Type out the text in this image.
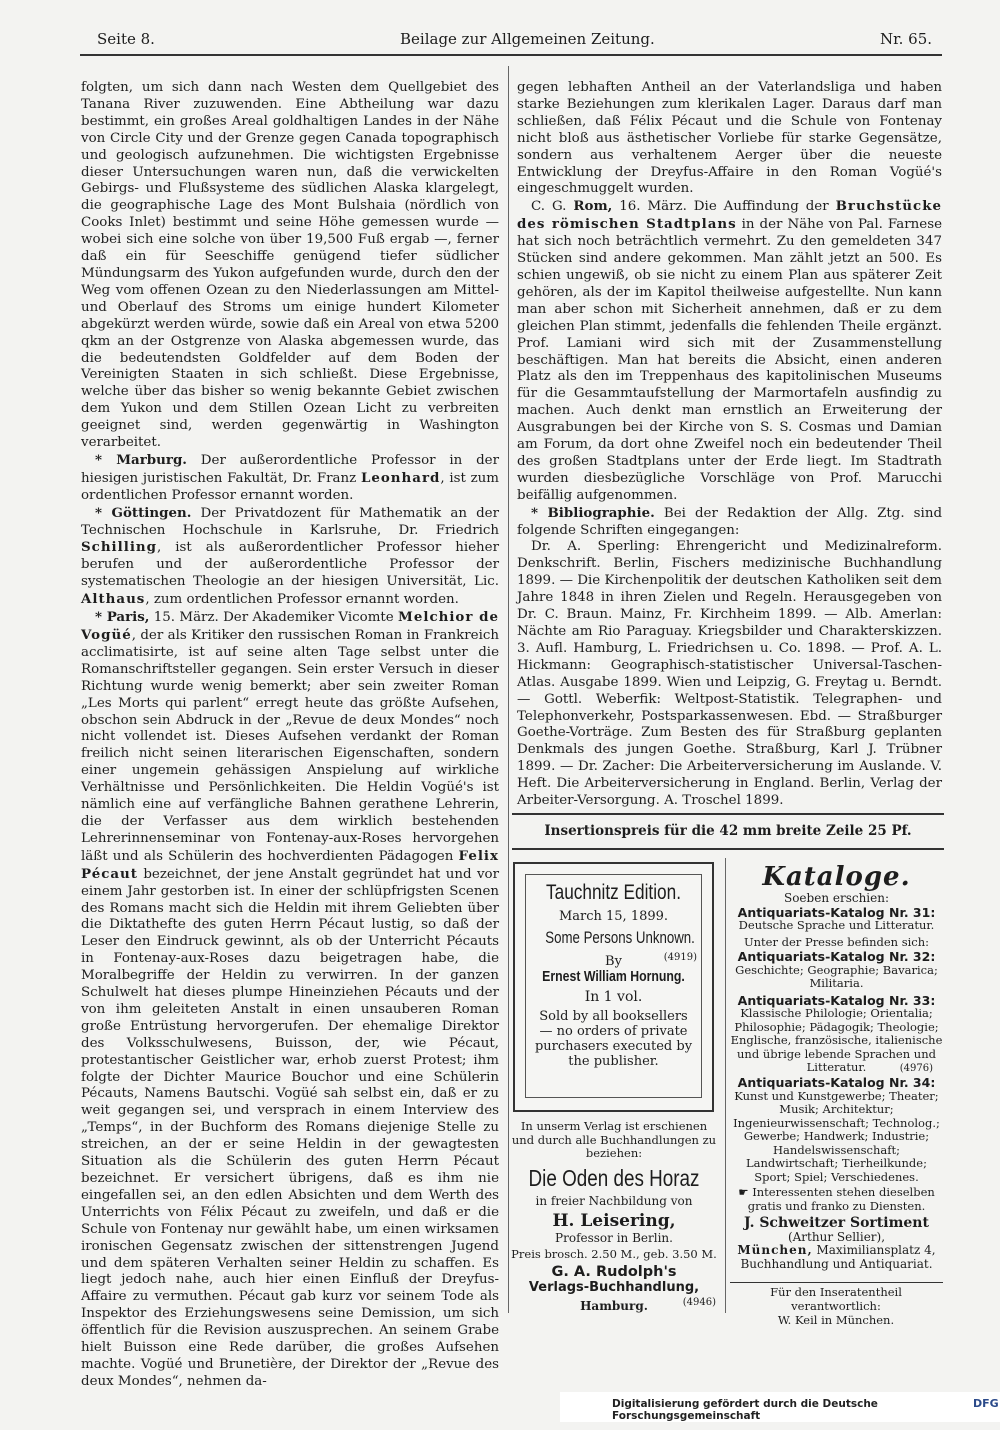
Seite 8.	Beilage zur Allgemeinen Zeitung.	Nr. 65.

folgten, um sich dann nach Westen dem Quellgebiet des Tanana River zuzuwenden. Eine Abtheilung war dazu bestimmt, ein großes Areal goldhaltigen Landes in der Nähe von Circle City und der Grenze gegen Canada topographisch und geologisch aufzunehmen. Die wichtigsten Ergebnisse dieser Untersuchungen waren nun, daß die verwickelten Gebirgs- und Flußsysteme des südlichen Alaska klargelegt, die geographische Lage des Mont Bulshaia (nördlich von Cooks Inlet) bestimmt und seine Höhe gemessen wurde — wobei sich eine solche von über 19,500 Fuß ergab —, ferner daß ein für Seeschiffe genügend tiefer südlicher Mündungsarm des Yukon aufgefunden wurde, durch den der Weg vom offenen Ozean zu den Niederlassungen am Mittel- und Oberlauf des Stroms um einige hundert Kilometer abgekürzt werden würde, sowie daß ein Areal von etwa 5200 qkm an der Ostgrenze von Alaska abgemessen wurde, das die bedeutendsten Goldfelder auf dem Boden der Vereinigten Staaten in sich schließt. Diese Ergebnisse, welche über das bisher so wenig bekannte Gebiet zwischen dem Yukon und dem Stillen Ozean Licht zu verbreiten geeignet sind, werden gegenwärtig in Washington verarbeitet.

* Marburg. Der außerordentliche Professor in der hiesigen juristischen Fakultät, Dr. Franz Leonhard, ist zum ordentlichen Professor ernannt worden.

* Göttingen. Der Privatdozent für Mathematik an der Technischen Hochschule in Karlsruhe, Dr. Friedrich Schilling, ist als außerordentlicher Professor hieher berufen und der außerordentliche Professor der systematischen Theologie an der hiesigen Universität, Lic. Althaus, zum ordentlichen Professor ernannt worden.

* Paris, 15. März. Der Akademiker Vicomte Melchior de Vogüé, der als Kritiker den russischen Roman in Frankreich acclimatisirte, ist auf seine alten Tage selbst unter die Romanschriftsteller gegangen. Sein erster Versuch in dieser Richtung wurde wenig bemerkt; aber sein zweiter Roman „Les Morts qui parlent“ erregt heute das größte Aufsehen, obschon sein Abdruck in der „Revue de deux Mondes“ noch nicht vollendet ist. Dieses Aufsehen verdankt der Roman freilich nicht seinen literarischen Eigenschaften, sondern einer ungemein gehässigen Anspielung auf wirkliche Verhältnisse und Persönlichkeiten. Die Heldin Vogüé's ist nämlich eine auf verfängliche Bahnen gerathene Lehrerin, die der Verfasser aus dem wirklich bestehenden Lehrerinnenseminar von Fontenay-aux-Roses hervorgehen läßt und als Schülerin des hochverdienten Pädagogen Felix Pécaut bezeichnet, der jene Anstalt gegründet hat und vor einem Jahr gestorben ist. In einer der schlüpfrigsten Scenen des Romans macht sich die Heldin mit ihrem Geliebten über die Diktathefte des guten Herrn Pécaut lustig, so daß der Leser den Eindruck gewinnt, als ob der Unterricht Pécauts in Fontenay-aux-Roses dazu beigetragen habe, die Moralbegriffe der Heldin zu verwirren. In der ganzen Schulwelt hat dieses plumpe Hineinziehen Pécauts und der von ihm geleiteten Anstalt in einen unsauberen Roman große Entrüstung hervorgerufen. Der ehemalige Direktor des Volksschulwesens, Buisson, der, wie Pécaut, protestantischer Geistlicher war, erhob zuerst Protest; ihm folgte der Dichter Maurice Bouchor und eine Schülerin Pécauts, Namens Bautschi. Vogüé sah selbst ein, daß er zu weit gegangen sei, und versprach in einem Interview des „Temps“, in der Buchform des Romans diejenige Stelle zu streichen, an der er seine Heldin in der gewagtesten Situation als die Schülerin des guten Herrn Pécaut bezeichnet. Er versichert übrigens, daß es ihm nie eingefallen sei, an den edlen Absichten und dem Werth des Unterrichts von Félix Pécaut zu zweifeln, und daß er die Schule von Fontenay nur gewählt habe, um einen wirksamen ironischen Gegensatz zwischen der sittenstrengen Jugend und dem späteren Verhalten seiner Heldin zu schaffen. Es liegt jedoch nahe, auch hier einen Einfluß der Dreyfus-Affaire zu vermuthen. Pécaut gab kurz vor seinem Tode als Inspektor des Erziehungswesens seine Demission, um sich öffentlich für die Revision auszusprechen. An seinem Grabe hielt Buisson eine Rede darüber, die großes Aufsehen machte. Vogüé und Brunetière, der Direktor der „Revue des deux Mondes“, nehmen da-

gegen lebhaften Antheil an der Vaterlandsliga und haben starke Beziehungen zum klerikalen Lager. Daraus darf man schließen, daß Félix Pécaut und die Schule von Fontenay nicht bloß aus ästhetischer Vorliebe für starke Gegensätze, sondern aus verhaltenem Aerger über die neueste Entwicklung der Dreyfus-Affaire in den Roman Vogüé's eingeschmuggelt wurden.

C. G. Rom, 16. März. Die Auffindung der Bruchstücke des römischen Stadtplans in der Nähe von Pal. Farnese hat sich noch beträchtlich vermehrt. Zu den gemeldeten 347 Stücken sind andere gekommen. Man zählt jetzt an 500. Es schien ungewiß, ob sie nicht zu einem Plan aus späterer Zeit gehören, als der im Kapitol theilweise aufgestellte. Nun kann man aber schon mit Sicherheit annehmen, daß er zu dem gleichen Plan stimmt, jedenfalls die fehlenden Theile ergänzt. Prof. Lamiani wird sich mit der Zusammenstellung beschäftigen. Man hat bereits die Absicht, einen anderen Platz als den im Treppenhaus des kapitolinischen Museums für die Gesammtaufstellung der Marmortafeln ausfindig zu machen. Auch denkt man ernstlich an Erweiterung der Ausgrabungen bei der Kirche von S. S. Cosmas und Damian am Forum, da dort ohne Zweifel noch ein bedeutender Theil des großen Stadtplans unter der Erde liegt. Im Stadtrath wurden diesbezügliche Vorschläge von Prof. Marucchi beifällig aufgenommen.

* Bibliographie. Bei der Redaktion der Allg. Ztg. sind folgende Schriften eingegangen:

Dr. A. Sperling: Ehrengericht und Medizinalreform. Denkschrift. Berlin, Fischers medizinische Buchhandlung 1899. — Die Kirchenpolitik der deutschen Katholiken seit dem Jahre 1848 in ihren Zielen und Regeln. Herausgegeben von Dr. C. Braun. Mainz, Fr. Kirchheim 1899. — Alb. Amerlan: Nächte am Rio Paraguay. Kriegsbilder und Charakterskizzen. 3. Aufl. Hamburg, L. Friedrichsen u. Co. 1898. — Prof. A. L. Hickmann: Geographisch-statistischer Universal-Taschen-Atlas. Ausgabe 1899. Wien und Leipzig, G. Freytag u. Berndt. — Gottl. Weberfik: Weltpost-Statistik. Telegraphen- und Telephonverkehr, Postsparkassenwesen. Ebd. — Straßburger Goethe-Vorträge. Zum Besten des für Straßburg geplanten Denkmals des jungen Goethe. Straßburg, Karl J. Trübner 1899. — Dr. Zacher: Die Arbeiterversicherung im Auslande. V. Heft. Die Arbeiterversicherung in England. Berlin, Verlag der Arbeiter-Versorgung. A. Troschel 1899.

Insertionspreis für die 42 mm breite Zeile 25 Pf.
Tauchnitz Edition.
March 15, 1899.
Some Persons Unknown.
By	(4919)
Ernest William Hornung.
In 1 vol.
Sold by all booksellers — no orders of private purchasers executed by the publisher.
In unserm Verlag ist erschienen und durch alle Buchhandlungen zu beziehen:
Die Oden des Horaz
in freier Nachbildung von
H. Leisering,
Professor in Berlin.
Preis brosch. 2.50 M., geb. 3.50 M.
G. A. Rudolph's
Verlags-Buchhandlung,
Hamburg.	(4946)
Kataloge.
Soeben erschien:
Antiquariats-Katalog Nr. 31:
Deutsche Sprache und Litteratur.
Unter der Presse befinden sich:
Antiquariats-Katalog Nr. 32:
Geschichte; Geographie; Bavarica; Militaria.
Antiquariats-Katalog Nr. 33:
Klassische Philologie; Orientalia; Philosophie; Pädagogik; Theologie; Englische, französische, italienische und übrige lebende Sprachen und Litteratur.	(4976)
Antiquariats-Katalog Nr. 34:
Kunst und Kunstgewerbe; Theater; Musik; Architektur; Ingenieurwissenschaft; Technolog.; Gewerbe; Handwerk; Industrie; Handelswissenschaft; Landwirtschaft; Tierheilkunde; Sport; Spiel; Verschiedenes.
☛ Interessenten stehen dieselben gratis und franko zu Diensten.
J. Schweitzer Sortiment
(Arthur Sellier),
München, Maximiliansplatz 4,
Buchhandlung und Antiquariat.
Für den Inseratentheil verantwortlich:
W. Keil in München.
Digitalisierung gefördert durch die Deutsche Forschungsgemeinschaft
DFG
